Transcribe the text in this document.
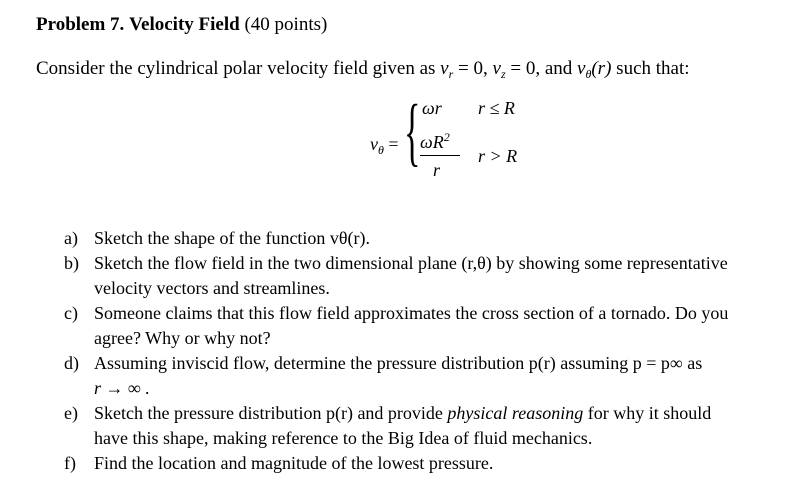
Problem 7. Velocity Field (40 points)
Consider the cylindrical polar velocity field given as $v_r = 0$, $v_z = 0$, and $v_\theta(r)$ such that:
$v_\theta$ = { ωr r ≤ R
$\omega R^2$
r
r > R
a) Sketch the shape of the function vθ(r).
b) Sketch the flow field in the two dimensional plane (r,θ) by showing some representative
velocity vectors and streamlines.
c) Someone claims that this flow field approximates the cross section of a tornado. Do you
agree? Why or why not?
d) Assuming inviscid flow, determine the pressure distribution p(r) assuming p = p∞ as
r → ∞ .
e) Sketch the pressure distribution p(r) and provide physical reasoning for why it should
have this shape, making reference to the Big Idea of fluid mechanics.
f) Find the location and magnitude of the lowest pressure.
